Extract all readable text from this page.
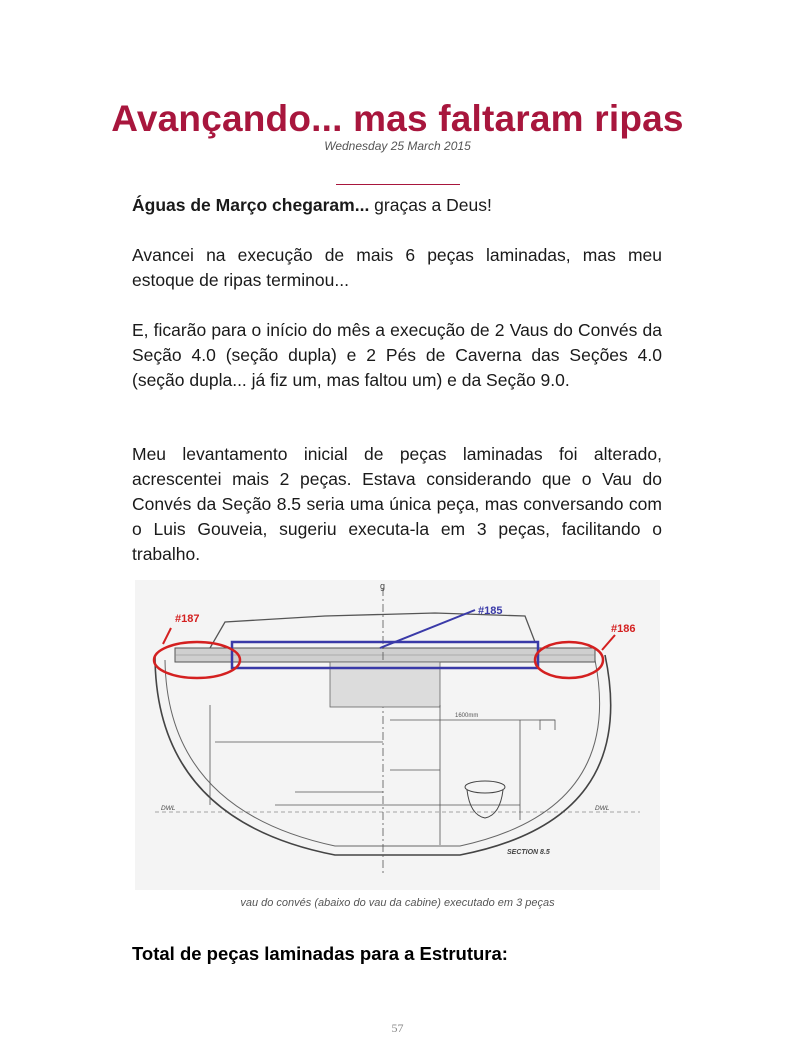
Avançando... mas faltaram ripas
Wednesday 25 March 2015

Águas de Março chegaram... graças a Deus!

Avancei na execução de mais 6 peças laminadas, mas meu estoque de ripas terminou...

E, ficarão para o início do mês a execução de 2 Vaus do Convés da Seção 4.0 (seção dupla) e 2 Pés de Caverna das Seções 4.0 (seção dupla... já fiz um, mas faltou um) e da Seção 9.0.

Meu levantamento inicial de peças laminadas foi alterado, acrescentei mais 2 peças. Estava considerando que o Vau do Convés da Seção 8.5 seria uma única peça, mas conversando com o Luis Gouveia, sugeriu executa-la em 3 peças, facilitando o trabalho.

g
1600mm
DWL	DWL
SECTION 8.5
#185
#187
#186
vau do convés (abaixo do vau da cabine) executado em 3 peças
Total de peças laminadas para a Estrutura:
57
